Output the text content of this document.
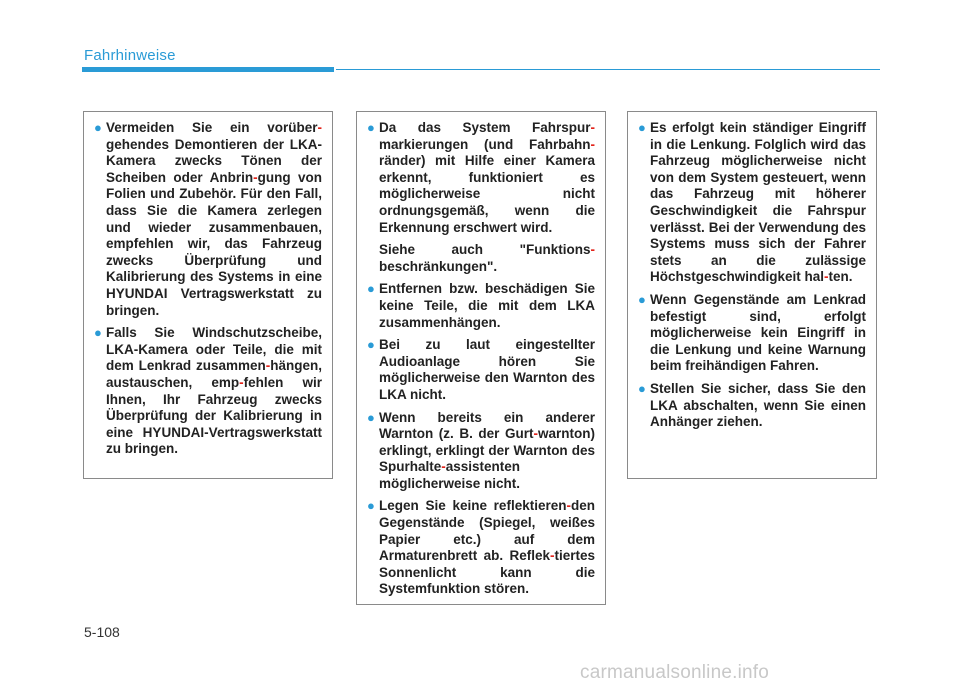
Fahrhinweise
● Vermeiden Sie ein vorüber-gehendes Demontieren der LKA-Kamera zwecks Tönen der Scheiben oder Anbrin-gung von Folien und Zubehör. Für den Fall, dass Sie die Kamera zerlegen und wieder zusammenbauen, empfehlen wir, das Fahrzeug zwecks Überprüfung und Kalibrierung des Systems in eine HYUNDAI Vertragswerkstatt zu bringen.
● Falls Sie Windschutzscheibe, LKA-Kamera oder Teile, die mit dem Lenkrad zusammen-hängen, austauschen, emp-fehlen wir Ihnen, Ihr Fahrzeug zwecks Überprüfung der Kalibrierung in eine HYUNDAI-Vertragswerkstatt zu bringen.
● Da das System Fahrspur-markierungen (und Fahrbahn-ränder) mit Hilfe einer Kamera erkennt, funktioniert es möglicherweise nicht ordnungsgemäß, wenn die Erkennung erschwert wird.
Siehe auch "Funktions-beschränkungen".
● Entfernen bzw. beschädigen Sie keine Teile, die mit dem LKA zusammenhängen.
● Bei zu laut eingestellter Audioanlage hören Sie möglicherweise den Warnton des LKA nicht.
● Wenn bereits ein anderer Warnton (z. B. der Gurt-warnton) erklingt, erklingt der Warnton des Spurhalte-assistenten möglicherweise nicht.
● Legen Sie keine reflektieren-den Gegenstände (Spiegel, weißes Papier etc.) auf dem Armaturenbrett ab. Reflek-tiertes Sonnenlicht kann die Systemfunktion stören.
● Es erfolgt kein ständiger Eingriff in die Lenkung. Folglich wird das Fahrzeug möglicherweise nicht von dem System gesteuert, wenn das Fahrzeug mit höherer Geschwindigkeit die Fahrspur verlässt. Bei der Verwendung des Systems muss sich der Fahrer stets an die zulässige Höchstgeschwindigkeit hal-ten.
● Wenn Gegenstände am Lenkrad befestigt sind, erfolgt möglicherweise kein Eingriff in die Lenkung und keine Warnung beim freihändigen Fahren.
● Stellen Sie sicher, dass Sie den LKA abschalten, wenn Sie einen Anhänger ziehen.
5-108
carmanualsonline.info
